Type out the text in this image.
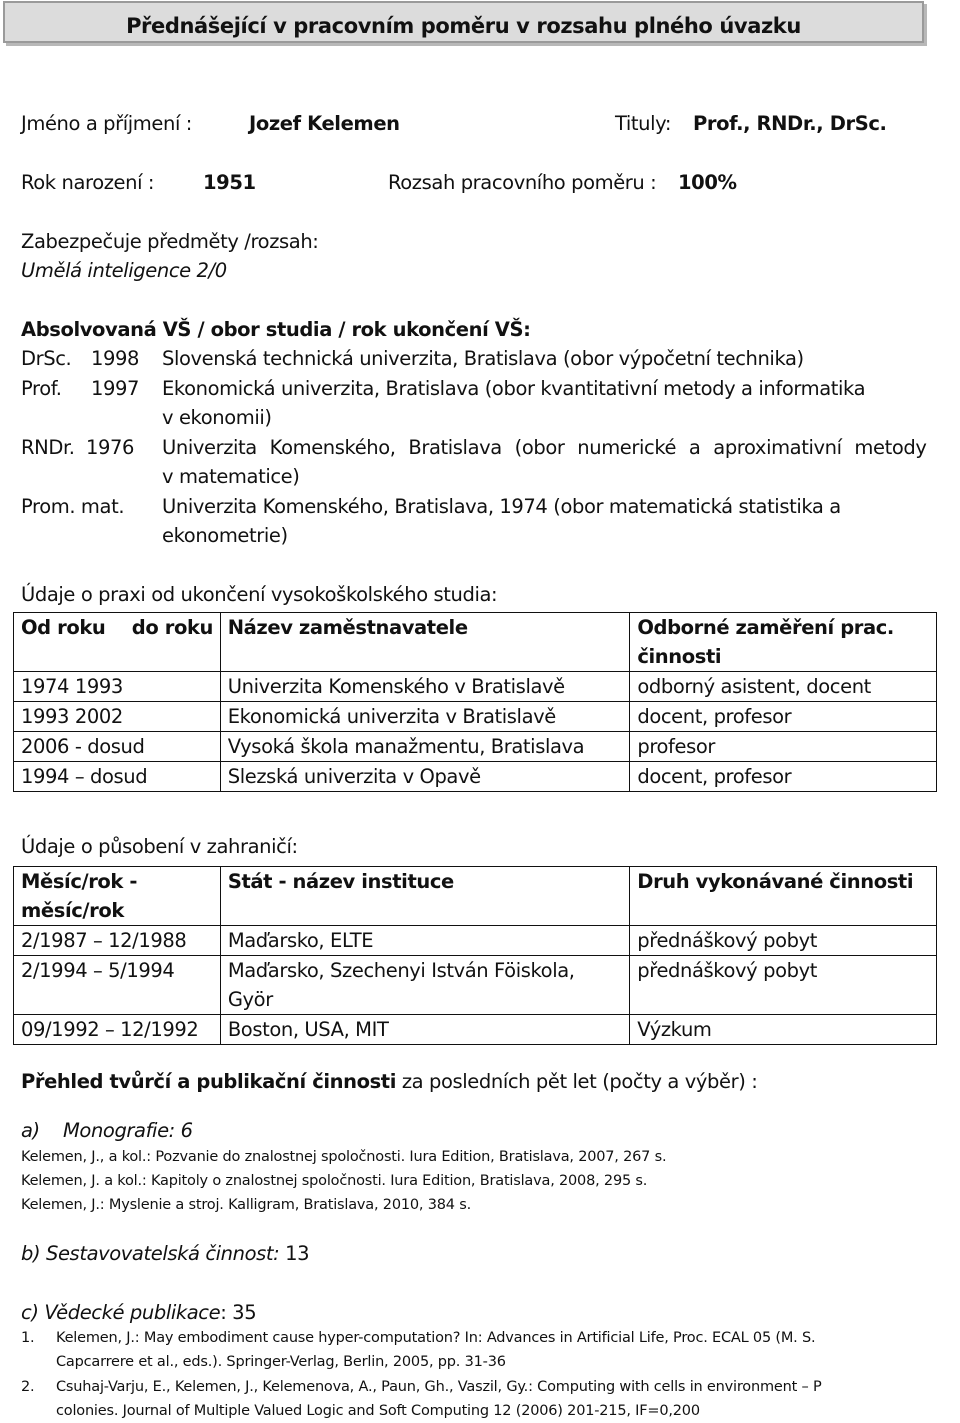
Přednášející v pracovním poměru v rozsahu plného úvazku
Jméno a příjmení :	Jozef Kelemen	Tituly: Prof., RNDr., DrSc.
Rok narození :	1951	Rozsah pracovního poměru : 100%
Zabezpečuje předměty /rozsah:
Umělá inteligence 2/0
Absolvovaná VŠ / obor studia / rok ukončení VŠ:
DrSc. 1998 Slovenská technická univerzita, Bratislava (obor výpočetní technika)
Prof. 1997 Ekonomická univerzita, Bratislava (obor kvantitativní metody a informatika
v ekonomii)
RNDr. 1976 Univerzita Komenského, Bratislava (obor numerické a aproximativní metody
v matematice)
Prom. mat. Univerzita Komenského, Bratislava, 1974 (obor matematická statistika a
ekonometrie)
Údaje o praxi od ukončení vysokoškolského studia:
Od roku do roku	Název zaměstnavatele	Odborné zaměření prac.
činnosti

1974 1993	Univerzita Komenského v Bratislavě	odborný asistent, docent
1993 2002	Ekonomická univerzita v Bratislavě	docent, profesor
2006 - dosud	Vysoká škola manažmentu, Bratislava	profesor
1994 – dosud	Slezská univerzita v Opavě	docent, profesor
Údaje o působení v zahraničí:
Měsíc/rok -
měsíc/rok	Stát - název instituce	Druh vykonávané činnosti
2/1987 – 12/1988	Maďarsko, ELTE	přednáškový pobyt
2/1994 – 5/1994	Maďarsko, Szechenyi István Föiskola,
Györ	přednáškový pobyt
09/1992 – 12/1992	Boston, USA, MIT	Výzkum
Přehled tvůrčí a publikační činnosti za posledních pět let (počty a výběr) :
a) Monografie: 6
Kelemen, J., a kol.: Pozvanie do znalostnej spoločnosti. Iura Edition, Bratislava, 2007, 267 s.
Kelemen, J. a kol.: Kapitoly o znalostnej spoločnosti. Iura Edition, Bratislava, 2008, 295 s.
Kelemen, J.: Myslenie a stroj. Kalligram, Bratislava, 2010, 384 s.
b) Sestavovatelská činnost: 13
c) Vědecké publikace: 35
1. Kelemen, J.: May embodiment cause hyper-computation? In: Advances in Artificial Life, Proc. ECAL 05 (M. S.
Capcarrere et al., eds.). Springer-Verlag, Berlin, 2005, pp. 31-36
2. Csuhaj-Varju, E., Kelemen, J., Kelemenova, A., Paun, Gh., Vaszil, Gy.: Computing with cells in environment – P
colonies. Journal of Multiple Valued Logic and Soft Computing 12 (2006) 201-215, IF=0,200
